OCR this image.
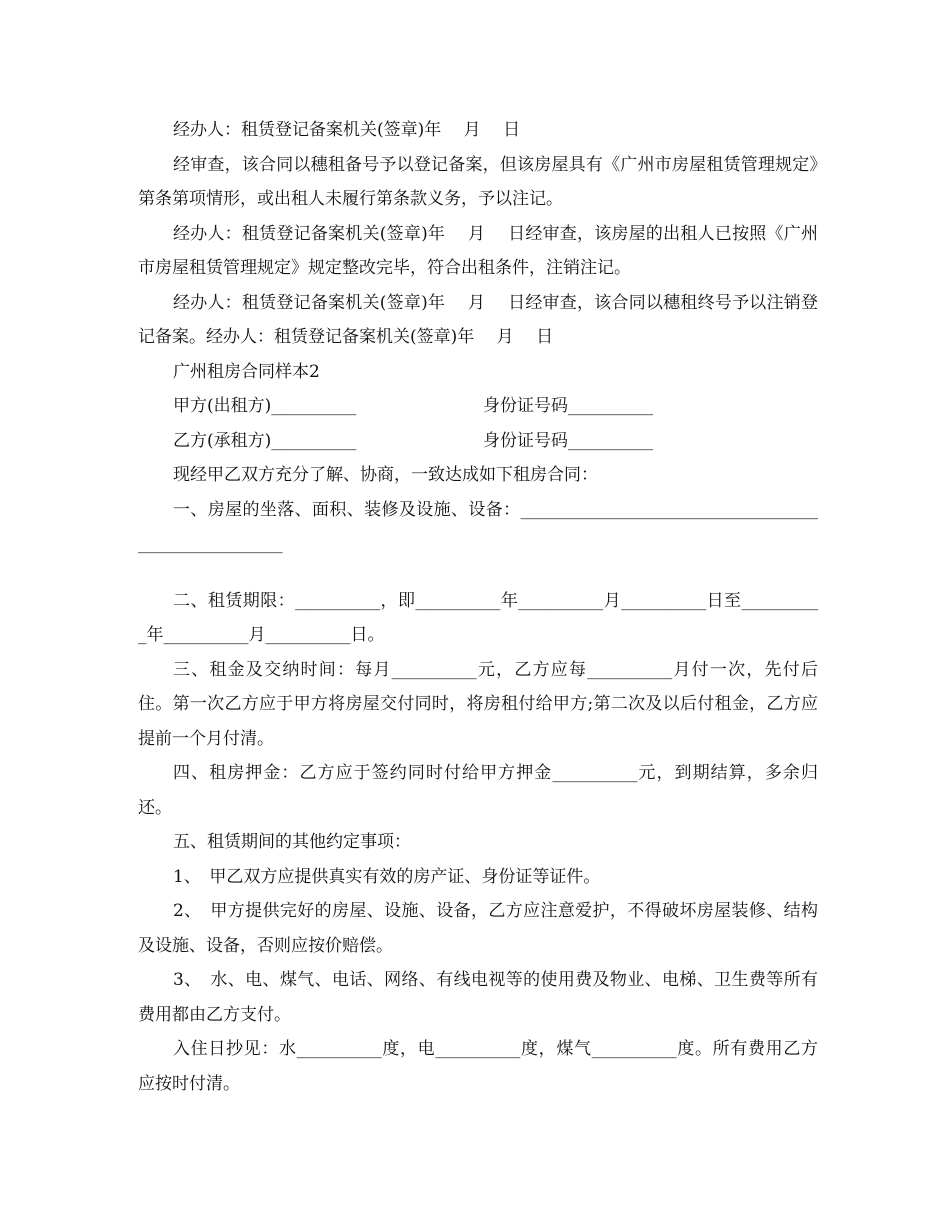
经办人：租赁登记备案机关(签章)年　 月　 日

经审查，该合同以穗租备号予以登记备案，但该房屋具有《广州市房屋租赁管理规定》第条第项情形，或出租人未履行第条款义务，予以注记。

经办人：租赁登记备案机关(签章)年　 月　 日经审查，该房屋的出租人已按照《广州市房屋租赁管理规定》规定整改完毕，符合出租条件，注销注记。

经办人：租赁登记备案机关(签章)年　 月　 日经审查，该合同以穗租终号予以注销登记备案。经办人：租赁登记备案机关(签章)年　 月　 日

广州租房合同样本2

甲方(出租方)__________	身份证号码__________

乙方(承租方)__________	身份证号码__________

现经甲乙双方充分了解、协商，一致达成如下租房合同：

一、房屋的坐落、面积、装修及设施、设备：____________________________________________________

二、租赁期限：__________，即__________年__________月__________日至__________年__________月__________日。

三、租金及交纳时间：每月__________元，乙方应每__________月付一次，先付后住。第一次乙方应于甲方将房屋交付同时，将房租付给甲方;第二次及以后付租金，乙方应提前一个月付清。

四、租房押金：乙方应于签约同时付给甲方押金__________元，到期结算，多余归还。

五、租赁期间的其他约定事项：

1、　甲乙双方应提供真实有效的房产证、身份证等证件。

2、　甲方提供完好的房屋、设施、设备，乙方应注意爱护，不得破坏房屋装修、结构及设施、设备，否则应按价赔偿。

3、　水、电、煤气、电话、网络、有线电视等的使用费及物业、电梯、卫生费等所有费用都由乙方支付。

入住日抄见：水__________度，电__________度，煤气__________度。所有费用乙方应按时付清。
